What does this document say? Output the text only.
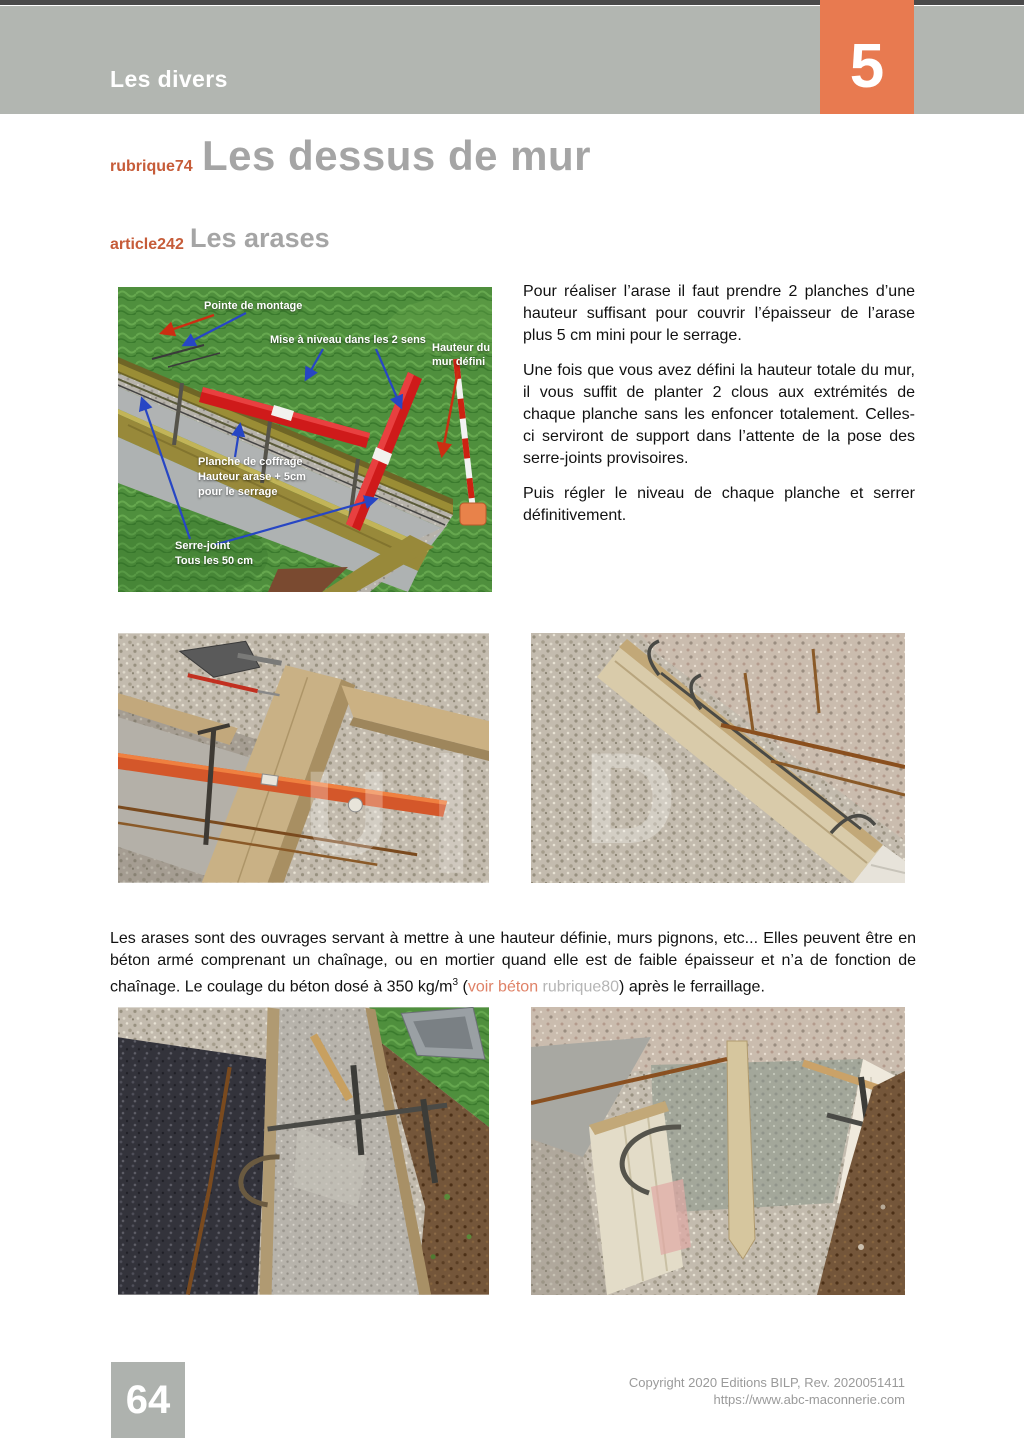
Les divers	5
rubrique74 Les dessus de mur
article242 Les arases
Pointe de montage
Mise à niveau dans les 2 sens
Hauteur du
mur défini
Planche de coffrage
Hauteur arase + 5cm
pour le serrage
Serre-joint
Tous les 50 cm

Pour réaliser l’arase il faut prendre 2 planches d’une hauteur suffisant pour couvrir l’épaisseur de l’arase plus 5 cm mini pour le serrage.

Une fois que vous avez défini la hauteur totale du mur, il vous suffit de planter 2 clous aux extrémités de chaque planche sans les enfoncer totalement. Celles-ci serviront de support dans l’attente de la pose des serre-joints provisoires.

Puis régler le niveau de chaque planche et serrer définitivement.

U D

Les arases sont des ouvrages servant à mettre à une hauteur définie, murs pignons, etc... Elles peuvent être en béton armé comprenant un chaînage, ou en mortier quand elle est de faible épaisseur et n’a de fonction de chaînage. Le coulage du béton dosé à 350 $kg/m^3$ (voir béton rubrique80) après le ferraillage.

64	Copyright 2020 Editions BILP, Rev. 2020051411
https://www.abc-maconnerie.com
